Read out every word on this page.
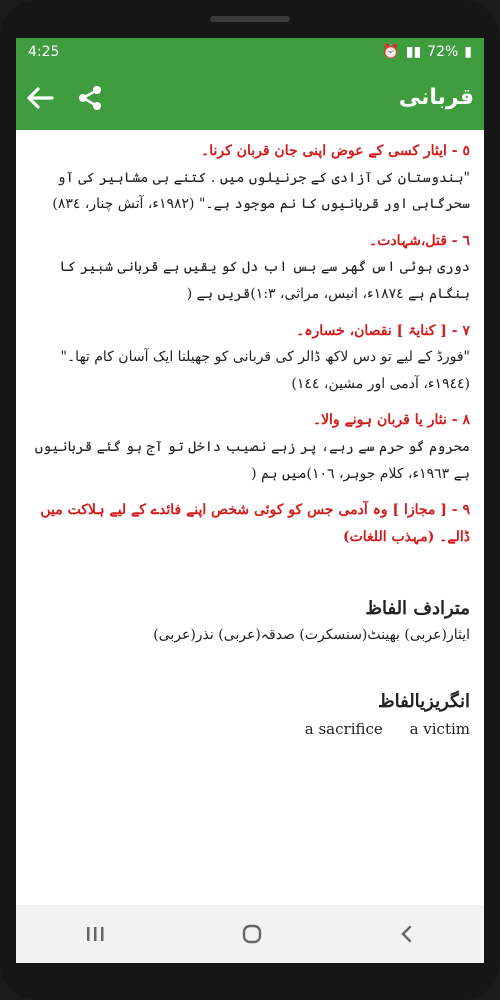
4:25	⏰ ▮▮ 72% ▮
قربانی
٥ - ایثار کسی کے عوض اپنی جان قربان کرنا۔
"ہندوستان کی آزادی کے جرنیلوں میں . کتنے ہی مشاہیر کی آو سحرگاہی اور قربانیوں کا نم موجود ہے۔" (١٩٨٢ء، آتش چنار، ٨٣٤)
٦ - قتل،شہادت۔
دوری ہوئی اس گھر سے بس اب دل کو یقیں ہے قربانی شبیر کا ہنگام ہے ١٨٧٤ء، انیس، مراثی، ١:٣)قریں ہے (
٧ - [ کنایۃ ] نقصان، خسارہ۔
"فورڈ کے لیے تو دس لاکھ ڈالر کی قربانی کو جھیلنا ایک آسان کام تھا۔" (١٩٤٤ء، آدمی اور مشین، ١٤٤)
٨ - نثار یا قربان ہونے والا۔
محروم گو حرم سے رہے، پر زہے نصیب داخل تو آج ہو گئے قربانیوں ہے ١٩٦٣ء، کلام جوہر، ١٠٦)میں ہم (
٩ - [ مجازا ] وہ آدمی جس کو کوئی شخص اپنے فائدے کے لیے ہلاکت میں ڈالے۔ (مہذب اللغات)
مترادف الفاظ

ایثار(عربی) بھینٹ(سنسکرت) صدقہ(عربی) نذر(عربی)

انگریزیالفاظ
a sacrifice a victim
